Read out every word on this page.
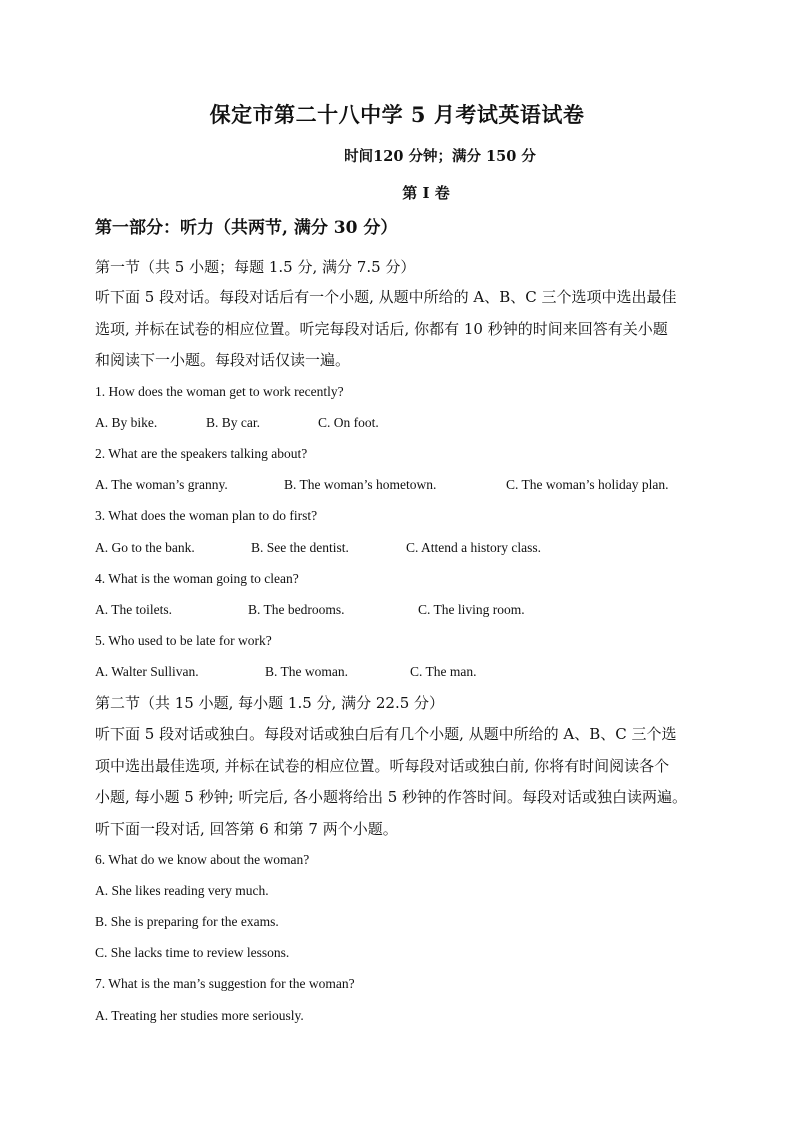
保定市第二十八中学 5 月考试英语试卷
时间120 分钟；满分 150 分
第 I 卷
第一部分：听力（共两节, 满分 30 分）
第一节（共 5 小题；每题 1.5 分, 满分 7.5 分）
听下面 5 段对话。每段对话后有一个小题, 从题中所给的 A、B、C 三个选项中选出最佳
选项, 并标在试卷的相应位置。听完每段对话后, 你都有 10 秒钟的时间来回答有关小题
和阅读下一小题。每段对话仅读一遍。
1. How does the woman get to work recently?
A. By bike.	B. By car.	C. On foot.
2. What are the speakers talking about?
A. The woman’s granny.	B. The woman’s hometown.	C. The woman’s holiday plan.
3. What does the woman plan to do first?
A. Go to the bank.	B. See the dentist.	C. Attend a history class.
4. What is the woman going to clean?
A. The toilets.	B. The bedrooms.	C. The living room.
5. Who used to be late for work?
A. Walter Sullivan.	B. The woman.	C. The man.
第二节（共 15 小题, 每小题 1.5 分, 满分 22.5 分）
听下面 5 段对话或独白。每段对话或独白后有几个小题, 从题中所给的 A、B、C 三个选
项中选出最佳选项, 并标在试卷的相应位置。听每段对话或独白前, 你将有时间阅读各个
小题, 每小题 5 秒钟; 听完后, 各小题将给出 5 秒钟的作答时间。每段对话或独白读两遍。
听下面一段对话, 回答第 6 和第 7 两个小题。
6. What do we know about the woman?
A. She likes reading very much.
B. She is preparing for the exams.
C. She lacks time to review lessons.
7. What is the man’s suggestion for the woman?
A. Treating her studies more seriously.
